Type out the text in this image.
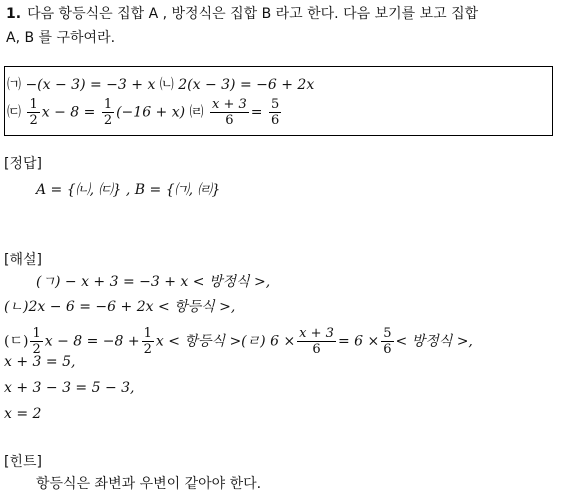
1. 다음 항등식은 집합 A , 방정식은 집합 B 라고 한다. 다음 보기를 보고 집합
A, B 를 구하여라.
㈀ −(x − 3) = −3 + x ㈁ 2(x − 3) = −6 + 2x
㈂ $\frac{1}{2}$ $x - 8 = \frac{1}{2} (-16 + x)$ ㈃ $\frac{x + 3}{6} = \frac{5}{6}$
[정답]
A = {㈁, ㈂} , B = {㈀, ㈃}
[해설]
(ㄱ) − x + 3 = −3 + x < 방정식 >,
(ㄴ)2x − 6 = −6 + 2x < 항등식 >,
(ㄷ) $\frac{1}{2}$ $x - 8 = -8 + \frac{1}{2}$ x < 항등식 >(ㄹ) $6 \times \frac{x + 3}{6} = 6 \times \frac{5}{6}$ < 방정식 >,
x + 3 = 5,
x + 3 − 3 = 5 − 3,
x = 2
[힌트]
항등식은 좌변과 우변이 같아야 한다.
